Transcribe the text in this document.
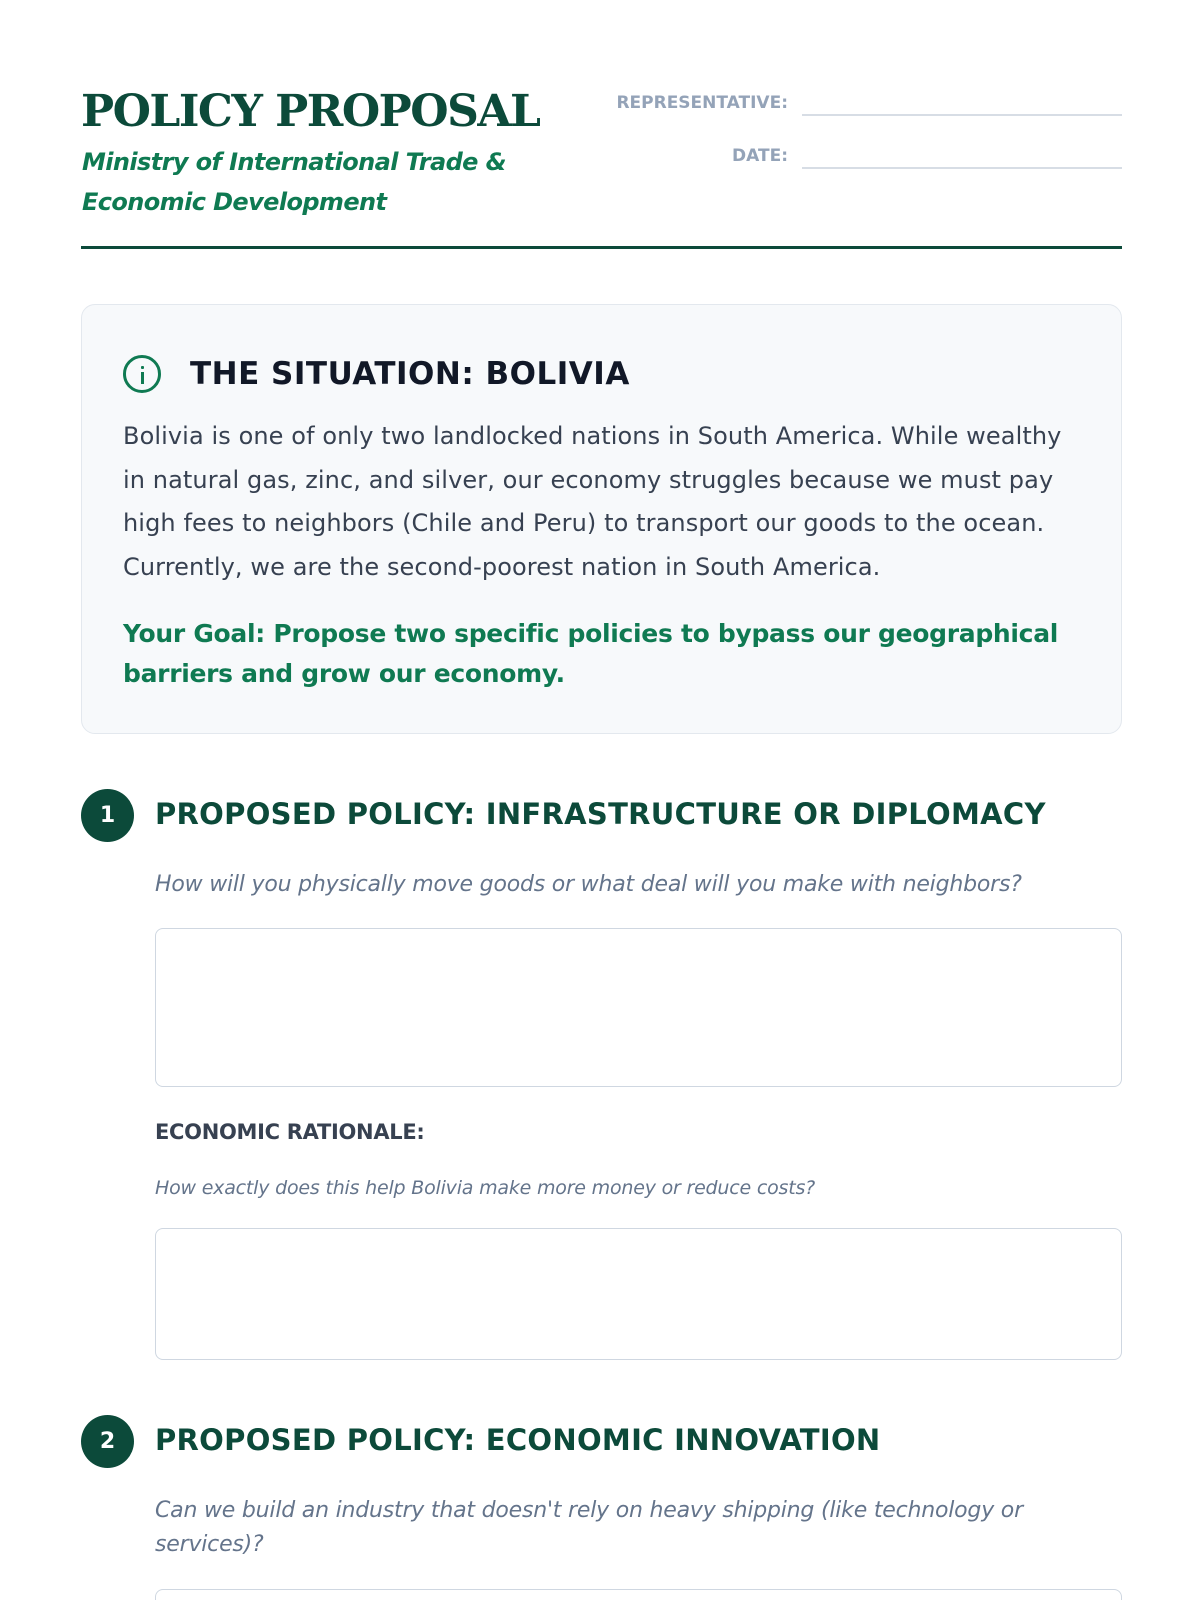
POLICY PROPOSAL
Ministry of International Trade & Economic Development
REPRESENTATIVE:
DATE:
THE SITUATION: BOLIVIA
Bolivia is one of only two landlocked nations in South America. While wealthy in natural gas, zinc, and silver, our economy struggles because we must pay high fees to neighbors (Chile and Peru) to transport our goods to the ocean. Currently, we are the second-poorest nation in South America.
Your Goal: Propose two specific policies to bypass our geographical barriers and grow our economy.
1	PROPOSED POLICY: INFRASTRUCTURE OR DIPLOMACY
How will you physically move goods or what deal will you make with neighbors?
ECONOMIC RATIONALE:
How exactly does this help Bolivia make more money or reduce costs?
2	PROPOSED POLICY: ECONOMIC INNOVATION
Can we build an industry that doesn't rely on heavy shipping (like technology or services)?
